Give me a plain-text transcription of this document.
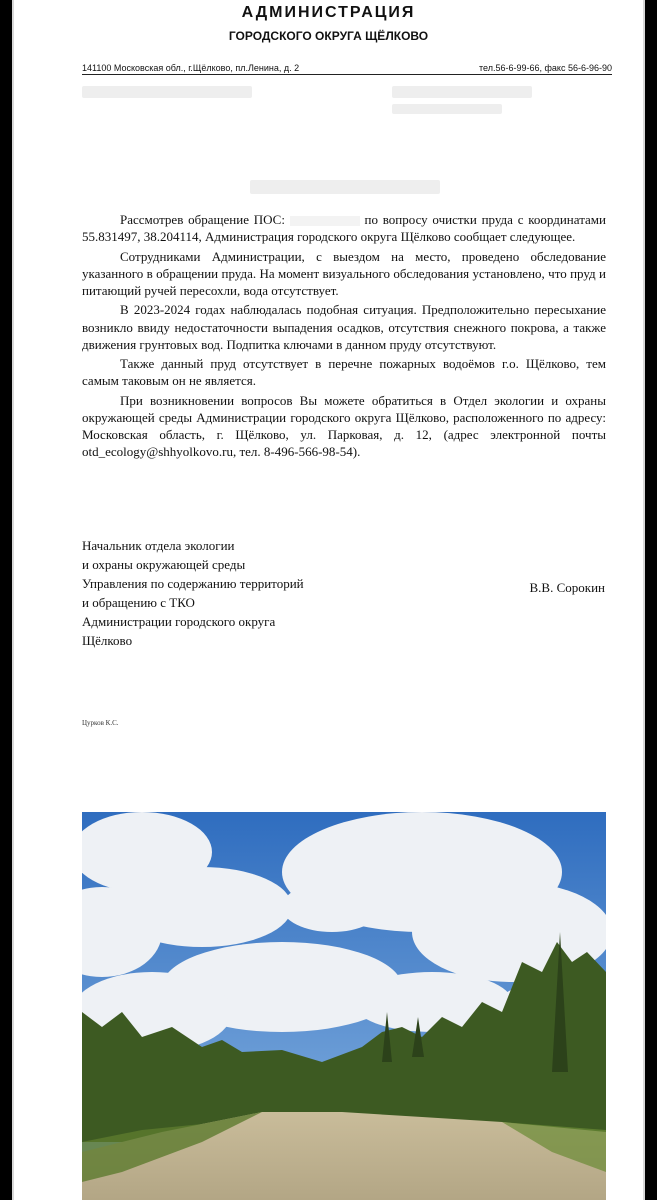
АДМИНИСТРАЦИЯ
ГОРОДСКОГО ОКРУГА ЩЁЛКОВО
141100 Московская обл., г.Щёлково, пл.Ленина, д. 2	тел.56-6-99-66, факс 56-6-96-90

Рассмотрев обращение ПОС:	по вопросу очистки пруда с координатами 55.831497, 38.204114, Администрация городского округа Щёлково сообщает следующее.

Сотрудниками Администрации, с выездом на место, проведено обследование указанного в обращении пруда. На момент визуального обследования установлено, что пруд и питающий ручей пересохли, вода отсутствует.

В 2023-2024 годах наблюдалась подобная ситуация. Предположительно пересыхание возникло ввиду недостаточности выпадения осадков, отсутствия снежного покрова, а также движения грунтовых вод. Подпитка ключами в данном пруду отсутствуют.

Также данный пруд отсутствует в перечне пожарных водоёмов г.о. Щёлково, тем самым таковым он не является.

При возникновении вопросов Вы можете обратиться в Отдел экологии и охраны окружающей среды Администрации городского округа Щёлково, расположенного по адресу: Московская область, г. Щёлково, ул. Парковая, д. 12, (адрес электронной почты otd_ecology@shhyolkovo.ru, тел. 8-496-566-98-54).

Начальник отдела экологии
и охраны окружающей среды
Управления по содержанию территорий
и обращению с ТКО
Администрации городского округа
Щёлково
В.В. Сорокин
Цурков К.С.
